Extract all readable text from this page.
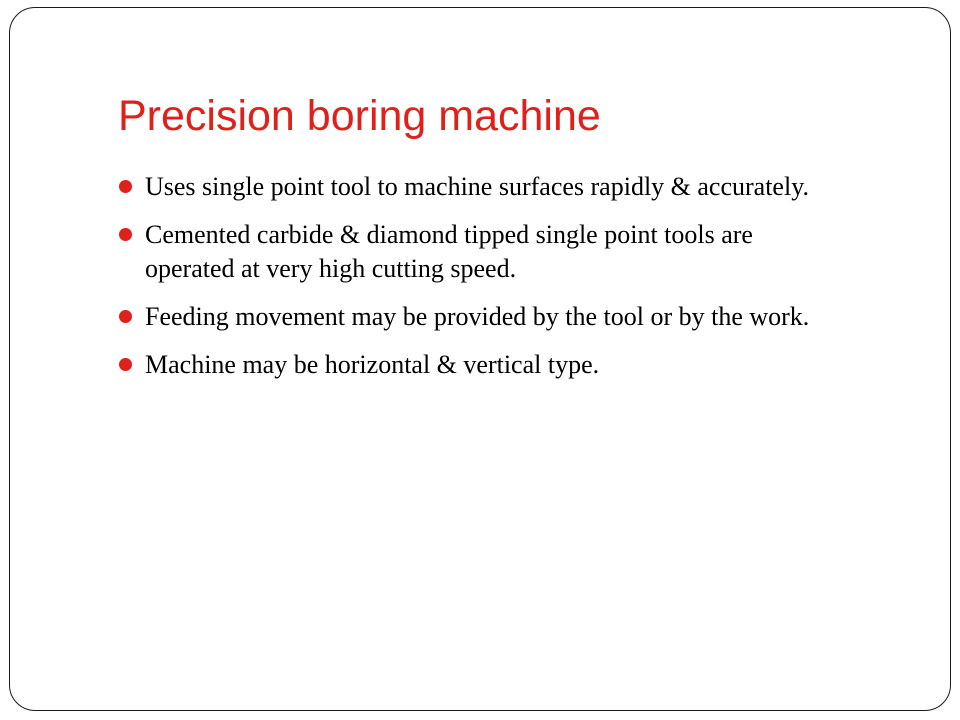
Precision boring machine
Uses single point tool to machine surfaces rapidly & accurately.
Cemented carbide & diamond tipped single point tools are operated at very high cutting speed.
Feeding movement may be provided by the tool or by the work.
Machine may be horizontal & vertical type.
